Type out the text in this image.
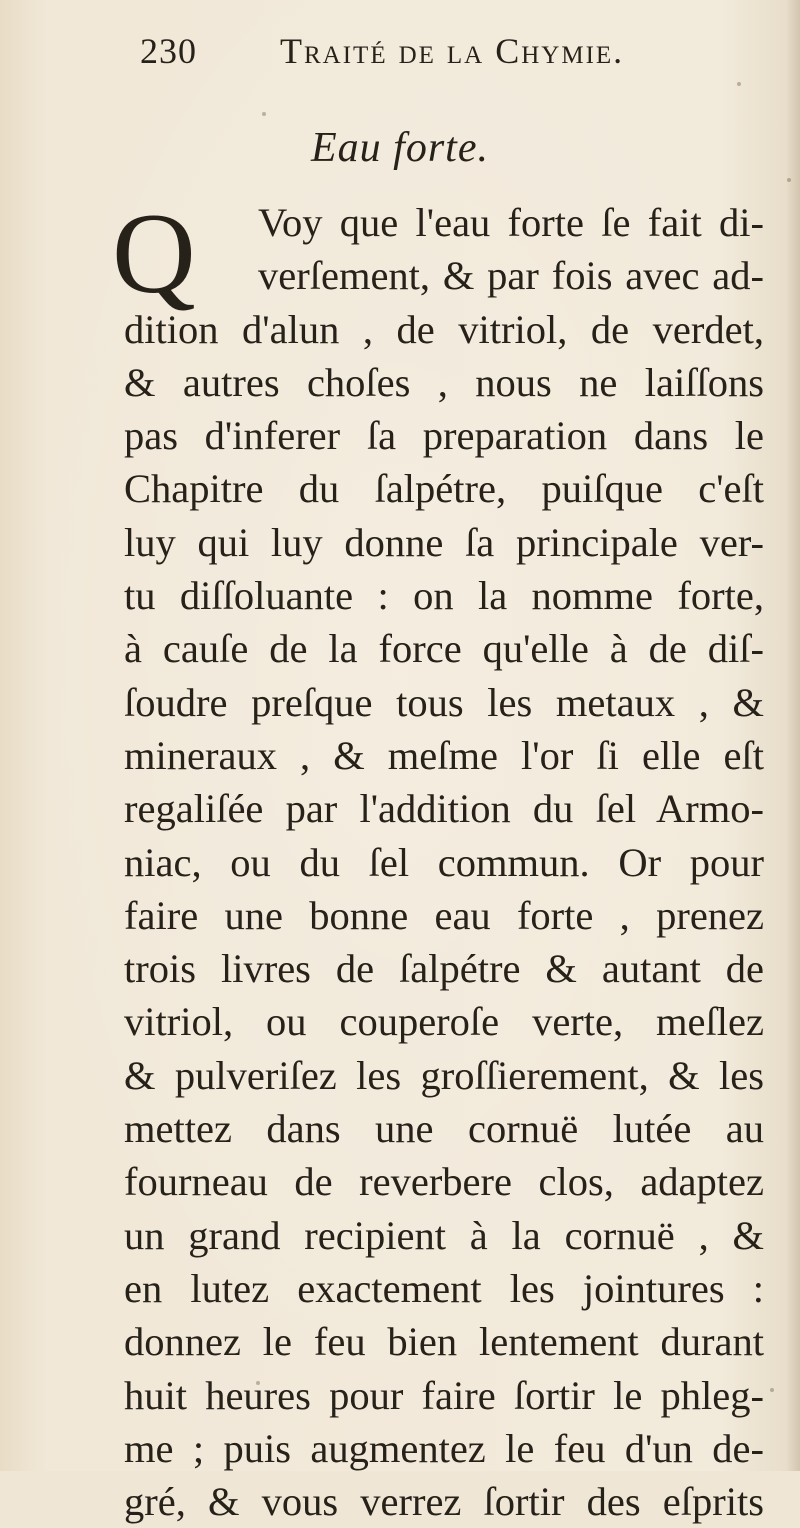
230 Traité de la Chymie.
Eau forte.
Q	Voy que l'eau forte ſe fait di-
verſement, & par fois avec ad-
dition d'alun , de vitriol, de verdet,
& autres choſes , nous ne laiſſons
pas d'inferer ſa preparation dans le
Chapitre du ſalpétre, puiſque c'eſt
luy qui luy donne ſa principale ver-
tu diſſoluante : on la nomme forte,
à cauſe de la force qu'elle à de diſ-
ſoudre preſque tous les metaux , &
mineraux , & meſme l'or ſi elle eſt
regaliſée par l'addition du ſel Armo-
niac, ou du ſel commun. Or pour
faire une bonne eau forte , prenez
trois livres de ſalpétre & autant de
vitriol, ou couperoſe verte, meſlez
& pulveriſez les groſſierement, & les
mettez dans une cornuë lutée au
fourneau de reverbere clos, adaptez
un grand recipient à la cornuë , &
en lutez exactement les jointures :
donnez le feu bien lentement durant
huit heures pour faire ſortir le phleg-
me ; puis augmentez le feu d'un de-
gré, & vous verrez ſortir des eſprits
